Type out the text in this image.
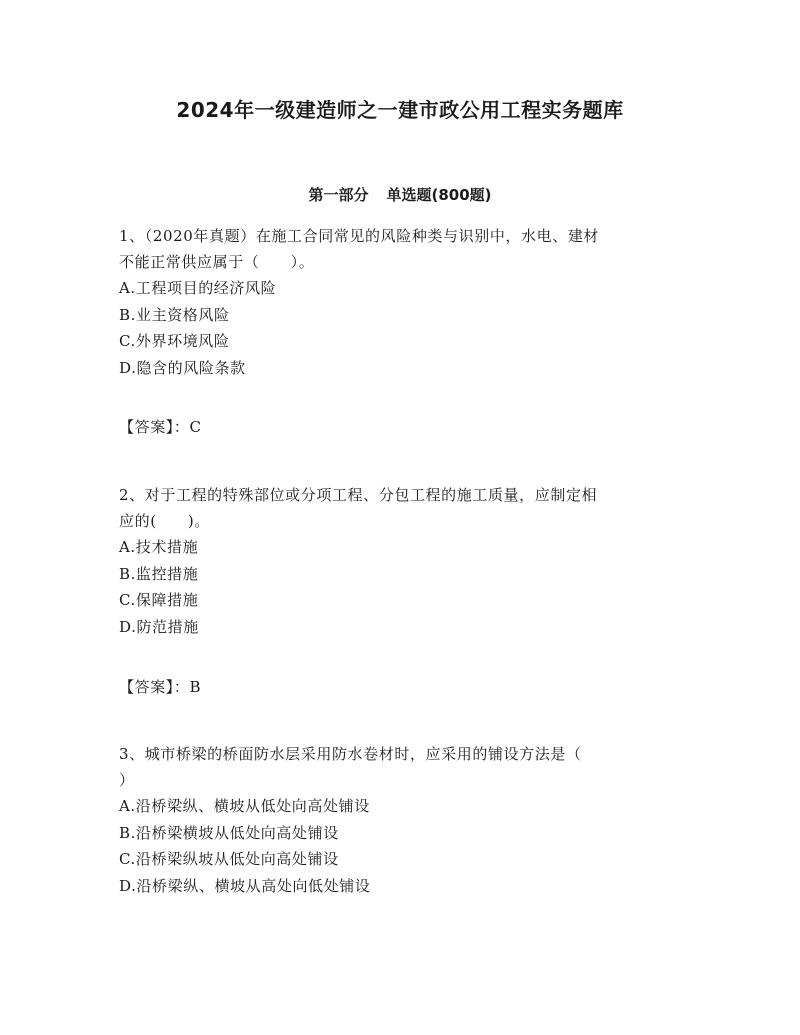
2024年一级建造师之一建市政公用工程实务题库
第一部分 单选题(800题)

1、（2020年真题）在施工合同常见的风险种类与识别中，水电、建材
不能正常供应属于（　　）。

A.工程项目的经济风险

B.业主资格风险

C.外界环境风险

D.隐含的风险条款

【答案】：C

2、对于工程的特殊部位或分项工程、分包工程的施工质量，应制定相
应的(　　)。

A.技术措施

B.监控措施

C.保障措施

D.防范措施

【答案】：B

3、城市桥梁的桥面防水层采用防水卷材时，应采用的铺设方法是（
）

A.沿桥梁纵、横坡从低处向高处铺设

B.沿桥梁横坡从低处向高处铺设

C.沿桥梁纵坡从低处向高处铺设

D.沿桥梁纵、横坡从高处向低处铺设
